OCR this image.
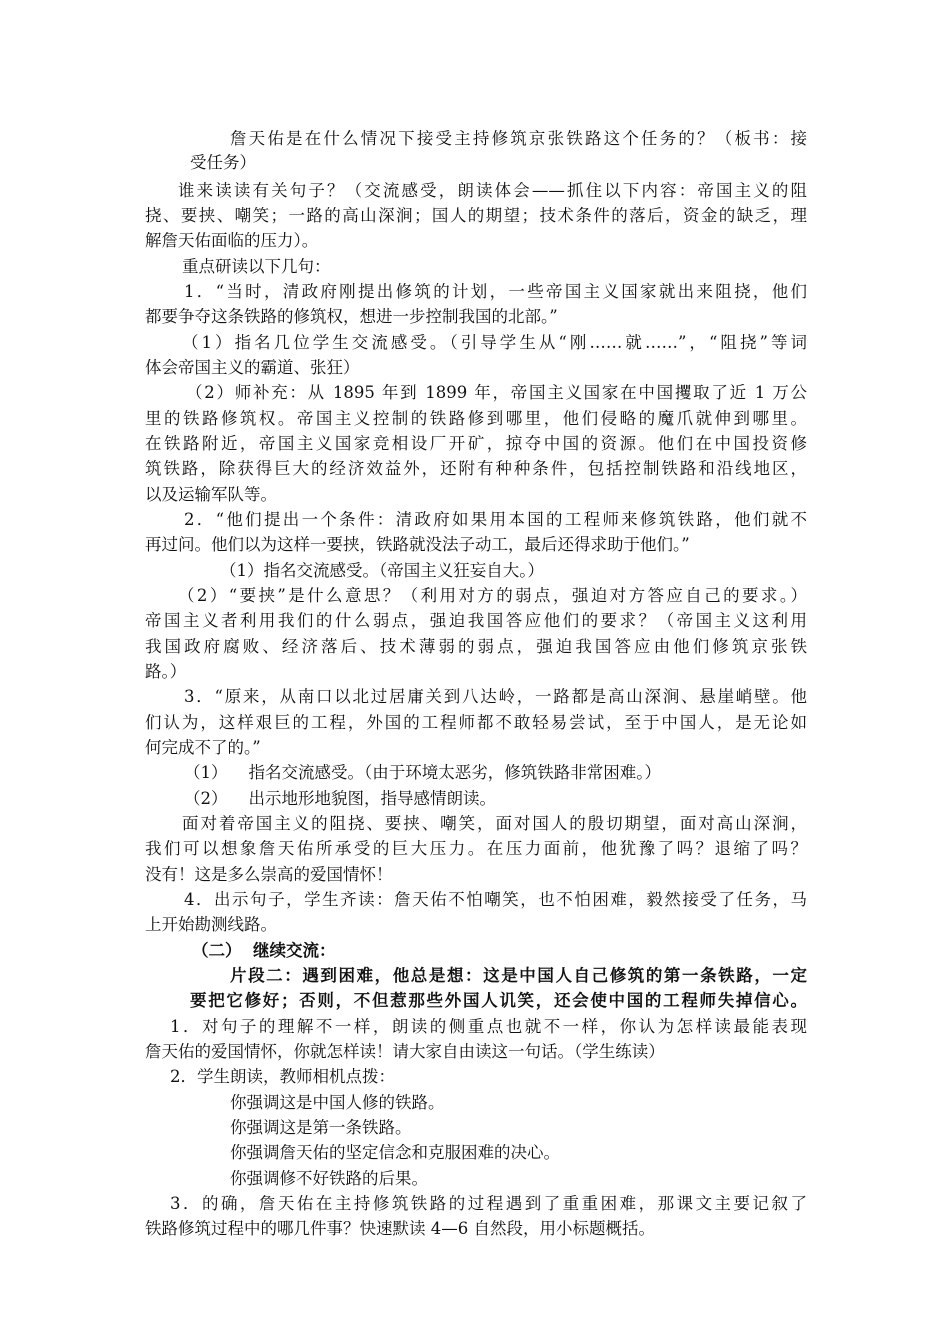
詹天佑是在什么情况下接受主持修筑京张铁路这个任务的？（板书：接
受任务）
谁来读读有关句子？（交流感受，朗读体会——抓住以下内容：帝国主义的阻
挠、要挟、嘲笑；一路的高山深涧；国人的期望；技术条件的落后，资金的缺乏，理
解詹天佑面临的压力）。
重点研读以下几句：
1．“当时，清政府刚提出修筑的计划，一些帝国主义国家就出来阻挠，他们
都要争夺这条铁路的修筑权，想进一步控制我国的北部。”
（1）指名几位学生交流感受。（引导学生从“刚……就……”，“阻挠”等词
体会帝国主义的霸道、张狂）
（2）师补充：从 1895 年到 1899 年，帝国主义国家在中国攫取了近 1 万公
里的铁路修筑权。帝国主义控制的铁路修到哪里，他们侵略的魔爪就伸到哪里。
在铁路附近，帝国主义国家竞相设厂开矿，掠夺中国的资源。他们在中国投资修
筑铁路，除获得巨大的经济效益外，还附有种种条件，包括控制铁路和沿线地区，
以及运输军队等。
2．“他们提出一个条件：清政府如果用本国的工程师来修筑铁路，他们就不
再过问。他们以为这样一要挟，铁路就没法子动工，最后还得求助于他们。”
（1）指名交流感受。（帝国主义狂妄自大。）
（2）“要挟”是什么意思？（利用对方的弱点，强迫对方答应自己的要求。）
帝国主义者利用我们的什么弱点，强迫我国答应他们的要求？（帝国主义这利用
我国政府腐败、经济落后、技术薄弱的弱点，强迫我国答应由他们修筑京张铁
路。）
3．“原来，从南口以北过居庸关到八达岭，一路都是高山深涧、悬崖峭壁。他
们认为，这样艰巨的工程，外国的工程师都不敢轻易尝试，至于中国人，是无论如
何完成不了的。”
（1）    指名交流感受。（由于环境太恶劣，修筑铁路非常困难。）
（2）    出示地形地貌图，指导感情朗读。
面对着帝国主义的阻挠、要挟、嘲笑，面对国人的殷切期望，面对高山深涧，
我们可以想象詹天佑所承受的巨大压力。在压力面前，他犹豫了吗？退缩了吗？
没有！这是多么崇高的爱国情怀！
4．出示句子，学生齐读：詹天佑不怕嘲笑，也不怕困难，毅然接受了任务，马
上开始勘测线路。
（二）  继续交流：
片段二：遇到困难，他总是想：这是中国人自己修筑的第一条铁路，一定
要把它修好；否则，不但惹那些外国人讥笑，还会使中国的工程师失掉信心。
1．对句子的理解不一样，朗读的侧重点也就不一样，你认为怎样读最能表现
詹天佑的爱国情怀，你就怎样读！请大家自由读这一句话。（学生练读）
2．学生朗读，教师相机点拨：
你强调这是中国人修的铁路。
你强调这是第一条铁路。
你强调詹天佑的坚定信念和克服困难的决心。
你强调修不好铁路的后果。
3．的确，詹天佑在主持修筑铁路的过程遇到了重重困难，那课文主要记叙了
铁路修筑过程中的哪几件事？快速默读 4—6 自然段，用小标题概括。
